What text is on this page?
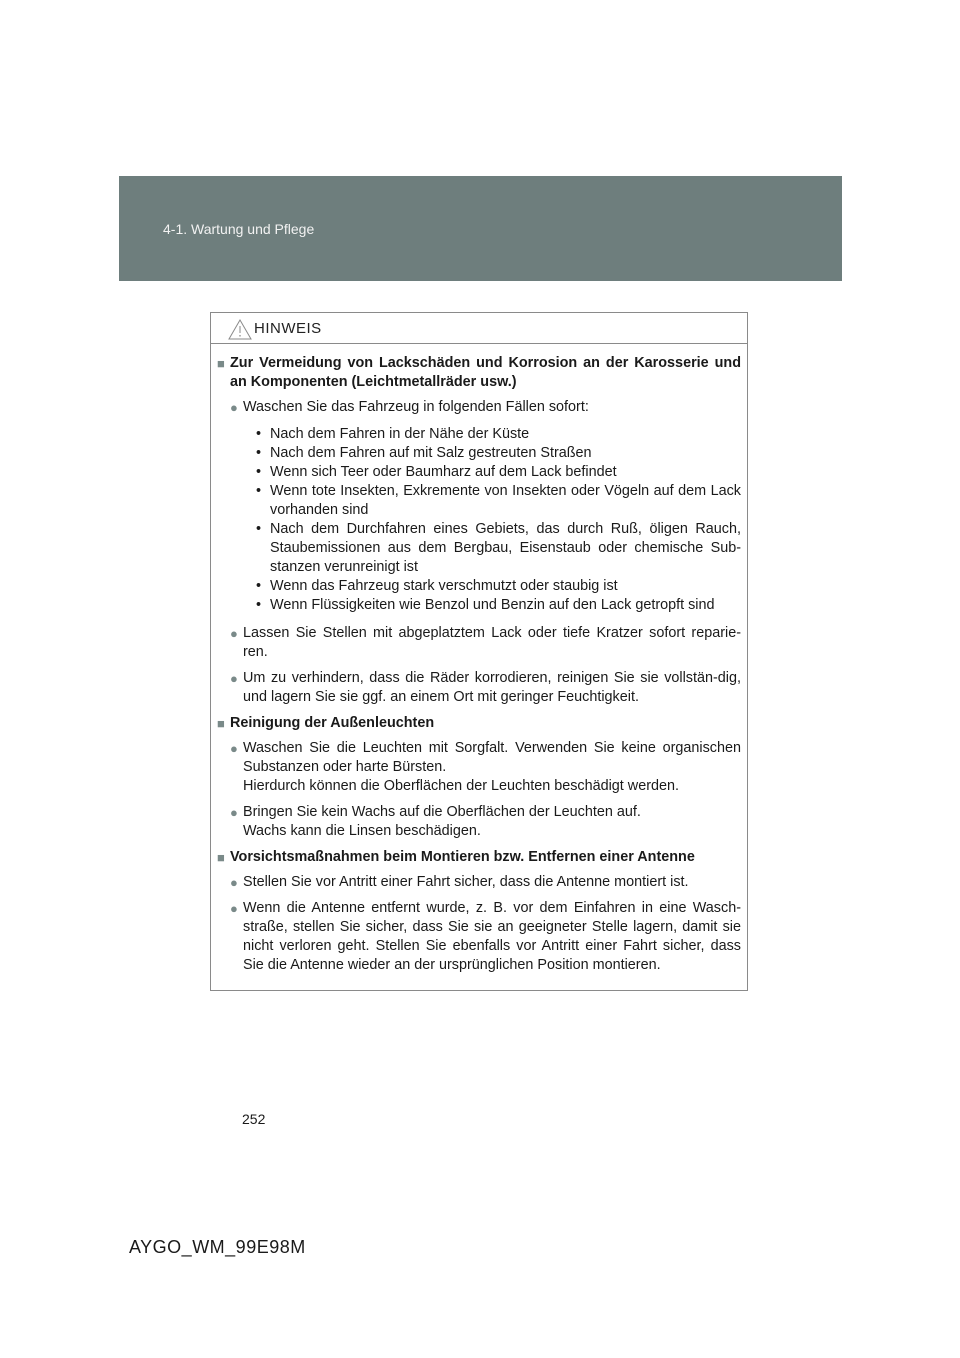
4-1. Wartung und Pflege
HINWEIS
■ Zur Vermeidung von Lackschäden und Korrosion an der Karosserie und an Komponenten (Leichtmetallräder usw.)
● Waschen Sie das Fahrzeug in folgenden Fällen sofort:
• Nach dem Fahren in der Nähe der Küste
• Nach dem Fahren auf mit Salz gestreuten Straßen
• Wenn sich Teer oder Baumharz auf dem Lack befindet
• Wenn tote Insekten, Exkremente von Insekten oder Vögeln auf dem Lack vorhanden sind
• Nach dem Durchfahren eines Gebiets, das durch Ruß, öligen Rauch, Staubemissionen aus dem Bergbau, Eisenstaub oder chemische Sub-stanzen verunreinigt ist
• Wenn das Fahrzeug stark verschmutzt oder staubig ist
• Wenn Flüssigkeiten wie Benzol und Benzin auf den Lack getropft sind
● Lassen Sie Stellen mit abgeplatztem Lack oder tiefe Kratzer sofort reparie-ren.
● Um zu verhindern, dass die Räder korrodieren, reinigen Sie sie vollstän-dig, und lagern Sie sie ggf. an einem Ort mit geringer Feuchtigkeit.
■ Reinigung der Außenleuchten
● Waschen Sie die Leuchten mit Sorgfalt. Verwenden Sie keine organischen Substanzen oder harte Bürsten.
Hierdurch können die Oberflächen der Leuchten beschädigt werden.
● Bringen Sie kein Wachs auf die Oberflächen der Leuchten auf.
Wachs kann die Linsen beschädigen.
■ Vorsichtsmaßnahmen beim Montieren bzw. Entfernen einer Antenne
● Stellen Sie vor Antritt einer Fahrt sicher, dass die Antenne montiert ist.
● Wenn die Antenne entfernt wurde, z. B. vor dem Einfahren in eine Wasch-straße, stellen Sie sicher, dass Sie sie an geeigneter Stelle lagern, damit sie nicht verloren geht. Stellen Sie ebenfalls vor Antritt einer Fahrt sicher, dass Sie die Antenne wieder an der ursprünglichen Position montieren.
252
AYGO_WM_99E98M
